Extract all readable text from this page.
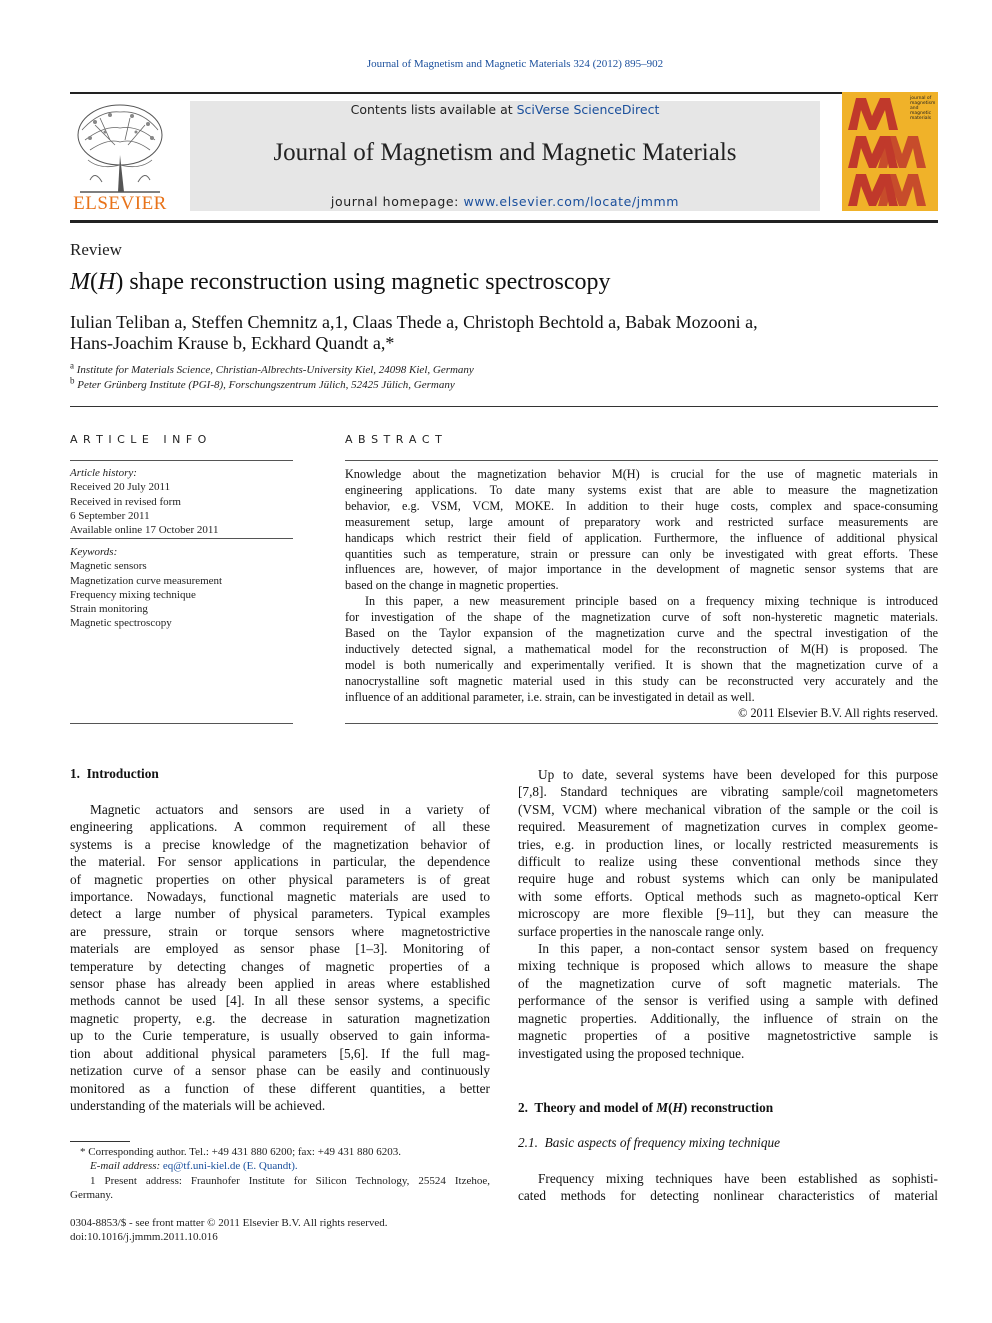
Journal of Magnetism and Magnetic Materials 324 (2012) 895–902
ELSEVIER
Contents lists available at SciVerse ScienceDirect
Journal of Magnetism and Magnetic Materials
journal homepage: www.elsevier.com/locate/jmmm
journal of magnetism and magnetic materials
Review
M(H) shape reconstruction using magnetic spectroscopy
Iulian Teliban a, Steffen Chemnitz a,1, Claas Thede a, Christoph Bechtold a, Babak Mozooni a,
Hans-Joachim Krause b, Eckhard Quandt a,*
$^a$ Institute for Materials Science, Christian-Albrechts-University Kiel, 24098 Kiel, Germany
$^b$ Peter Grünberg Institute (PGI-8), Forschungszentrum Jülich, 52425 Jülich, Germany
A R T I C L E   I N F O
Article history:
Received 20 July 2011
Received in revised form
6 September 2011
Available online 17 October 2011
Keywords:
Magnetic sensors
Magnetization curve measurement
Frequency mixing technique
Strain monitoring
Magnetic spectroscopy
A B S T R A C T
Knowledge about the magnetization behavior M(H) is crucial for the use of magnetic materials in
engineering applications. To date many systems exist that are able to measure the magnetization
behavior, e.g. VSM, VCM, MOKE. In addition to their huge costs, complex and space-consuming
measurement setup, large amount of preparatory work and restricted surface measurements are
handicaps which restrict their field of application. Furthermore, the influence of additional physical
quantities such as temperature, strain or pressure can only be investigated with great efforts. These
influences are, however, of major importance in the development of magnetic sensor systems that are
based on the change in magnetic properties.
In this paper, a new measurement principle based on a frequency mixing technique is introduced
for investigation of the shape of the magnetization curve of soft non-hysteretic magnetic materials.
Based on the Taylor expansion of the magnetization curve and the spectral investigation of the
inductively detected signal, a mathematical model for the reconstruction of M(H) is proposed. The
model is both numerically and experimentally verified. It is shown that the magnetization curve of a
nanocrystalline soft magnetic material used in this study can be reconstructed very accurately and the
influence of an additional parameter, i.e. strain, can be investigated in detail as well.
© 2011 Elsevier B.V. All rights reserved.
1.  Introduction
Magnetic actuators and sensors are used in a variety of
engineering applications. A common requirement of all these
systems is a precise knowledge of the magnetization behavior of
the material. For sensor applications in particular, the dependence
of magnetic properties on other physical parameters is of great
importance. Nowadays, functional magnetic materials are used to
detect a large number of physical parameters. Typical examples
are pressure, strain or torque sensors where magnetostrictive
materials are employed as sensor phase [1–3]. Monitoring of
temperature by detecting changes of magnetic properties of a
sensor phase has already been applied in areas where established
methods cannot be used [4]. In all these sensor systems, a specific
magnetic property, e.g. the decrease in saturation magnetization
up to the Curie temperature, is usually observed to gain informa-
tion about additional physical parameters [5,6]. If the full mag-
netization curve of a sensor phase can be easily and continuously
monitored as a function of these different quantities, a better
understanding of the materials will be achieved.
* Corresponding author. Tel.: +49 431 880 6200; fax: +49 431 880 6203.
E-mail address: eq@tf.uni-kiel.de (E. Quandt).
1 Present address: Fraunhofer Institute for Silicon Technology, 25524 Itzehoe,
Germany.
0304-8853/$ - see front matter © 2011 Elsevier B.V. All rights reserved.
doi:10.1016/j.jmmm.2011.10.016
Up to date, several systems have been developed for this purpose
[7,8]. Standard techniques are vibrating sample/coil magnetometers
(VSM, VCM) where mechanical vibration of the sample or the coil is
required. Measurement of magnetization curves in complex geome-
tries, e.g. in production lines, or locally restricted measurements is
difficult to realize using these conventional methods since they
require huge and robust systems which can only be manipulated
with some efforts. Optical methods such as magneto-optical Kerr
microscopy are more flexible [9–11], but they can measure the
surface properties in the nanoscale range only.
In this paper, a non-contact sensor system based on frequency
mixing technique is proposed which allows to measure the shape
of the magnetization curve of soft magnetic materials. The
performance of the sensor is verified using a sample with defined
magnetic properties. Additionally, the influence of strain on the
magnetic properties of a positive magnetostrictive sample is
investigated using the proposed technique.
2.  Theory and model of M(H) reconstruction
2.1.  Basic aspects of frequency mixing technique
Frequency mixing techniques have been established as sophisti-
cated methods for detecting nonlinear characteristics of material
